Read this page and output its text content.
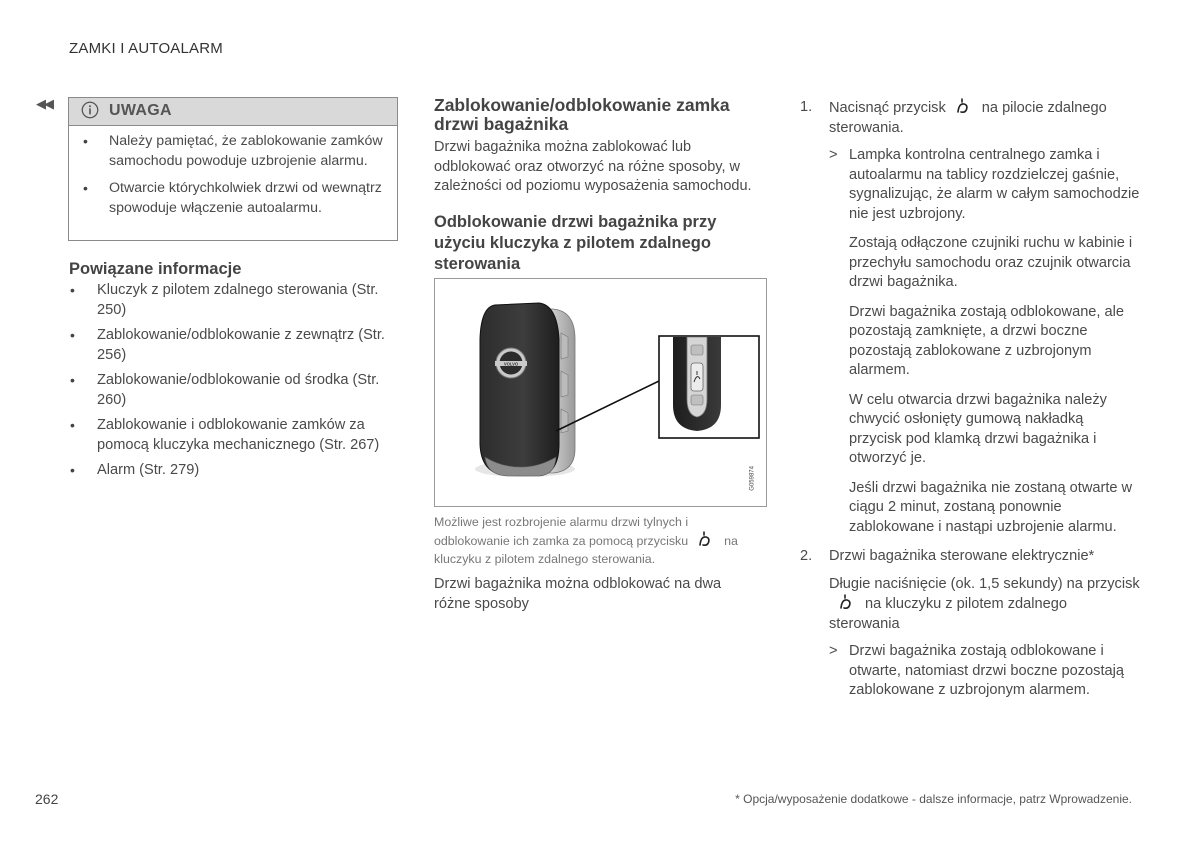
ZAMKI I AUTOALARM
◀◀	UWAGA
• Należy pamiętać, że zablokowanie zamków samochodu powoduje uzbrojenie alarmu.
• Otwarcie którychkolwiek drzwi od wewnątrz spowoduje włączenie autoalarmu.
Powiązane informacje
• Kluczyk z pilotem zdalnego sterowania (Str. 250)
• Zablokowanie/odblokowanie z zewnątrz (Str. 256)
• Zablokowanie/odblokowanie od środka (Str. 260)
• Zablokowanie i odblokowanie zamków za pomocą kluczyka mechanicznego (Str. 267)
• Alarm (Str. 279)
Zablokowanie/odblokowanie zamka drzwi bagażnika
Drzwi bagażnika można zablokować lub odblokować oraz otworzyć na różne sposoby, w zależności od poziomu wyposażenia samochodu.
Odblokowanie drzwi bagażnika przy użyciu kluczyka z pilotem zdalnego sterowania
VOLVO
G059874
Możliwe jest rozbrojenie alarmu drzwi tylnych i odblokowanie ich zamka za pomocą przycisku	na kluczyku z pilotem zdalnego sterowania.
Drzwi bagażnika można odblokować na dwa różne sposoby
1. Nacisnąć przycisk na pilocie zdalnego sterowania.
> Lampka kontrolna centralnego zamka i autoalarmu na tablicy rozdzielczej gaśnie, sygnalizując, że alarm w całym samochodzie nie jest uzbrojony.
Zostają odłączone czujniki ruchu w kabinie i przechyłu samochodu oraz czujnik otwarcia drzwi bagażnika.
Drzwi bagażnika zostają odblokowane, ale pozostają zamknięte, a drzwi boczne pozostają zablokowane z uzbrojonym alarmem.
W celu otwarcia drzwi bagażnika należy chwycić osłonięty gumową nakładką przycisk pod klamką drzwi bagażnika i otworzyć je.
Jeśli drzwi bagażnika nie zostaną otwarte w ciągu 2 minut, zostaną ponownie zablokowane i nastąpi uzbrojenie alarmu.
2. Drzwi bagażnika sterowane elektrycznie*
Długie naciśnięcie (ok. 1,5 sekundy) na przyciskna kluczyku z pilotem zdalnego sterowania
> Drzwi bagażnika zostają odblokowane i otwarte, natomiast drzwi boczne pozostają zablokowane z uzbrojonym alarmem.
262	* Opcja/wyposażenie dodatkowe - dalsze informacje, patrz Wprowadzenie.
